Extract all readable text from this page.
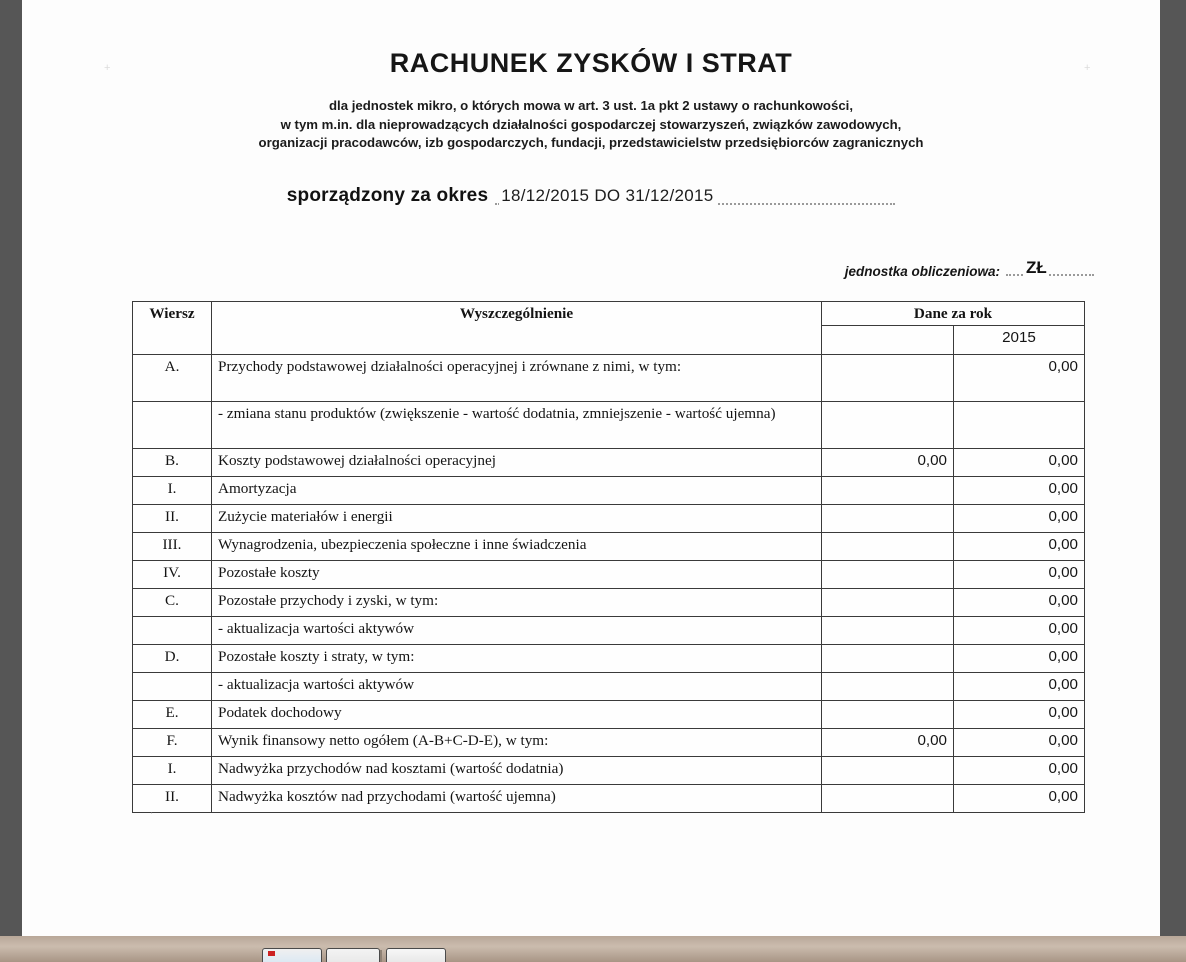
RACHUNEK ZYSKÓW I STRAT
dla jednostek mikro, o których mowa w art. 3 ust. 1a pkt 2 ustawy o rachunkowości,
w tym m.in. dla nieprowadzących działalności gospodarczej stowarzyszeń, związków zawodowych,
organizacji pracodawców, izb gospodarczych, fundacji, przedstawicielstw przedsiębiorców zagranicznych
sporządzony za okres 18/12/2015 DO 31/12/2015
jednostka obliczeniowa: ZŁ
Wiersz	Wyszczególnienie	Dane za rok	
			2015
A.	Przychody podstawowej działalności operacyjnej i zrównane z nimi, w tym:		0,00
	- zmiana stanu produktów (zwiększenie - wartość dodatnia, zmniejszenie - wartość ujemna)		
B.	Koszty podstawowej działalności operacyjnej	0,00	0,00
I.	Amortyzacja		0,00
II.	Zużycie materiałów i energii		0,00
III.	Wynagrodzenia, ubezpieczenia społeczne i inne świadczenia		0,00
IV.	Pozostałe koszty		0,00
C.	Pozostałe przychody i zyski, w tym:		0,00
	- aktualizacja wartości aktywów		0,00
D.	Pozostałe koszty i straty, w tym:		0,00
	- aktualizacja wartości aktywów		0,00
E.	Podatek dochodowy		0,00
F.	Wynik finansowy netto ogółem (A-B+C-D-E), w tym:	0,00	0,00
I.	Nadwyżka przychodów nad kosztami (wartość dodatnia)		0,00
II.	Nadwyżka kosztów nad przychodami (wartość ujemna)		0,00
+	+
.
